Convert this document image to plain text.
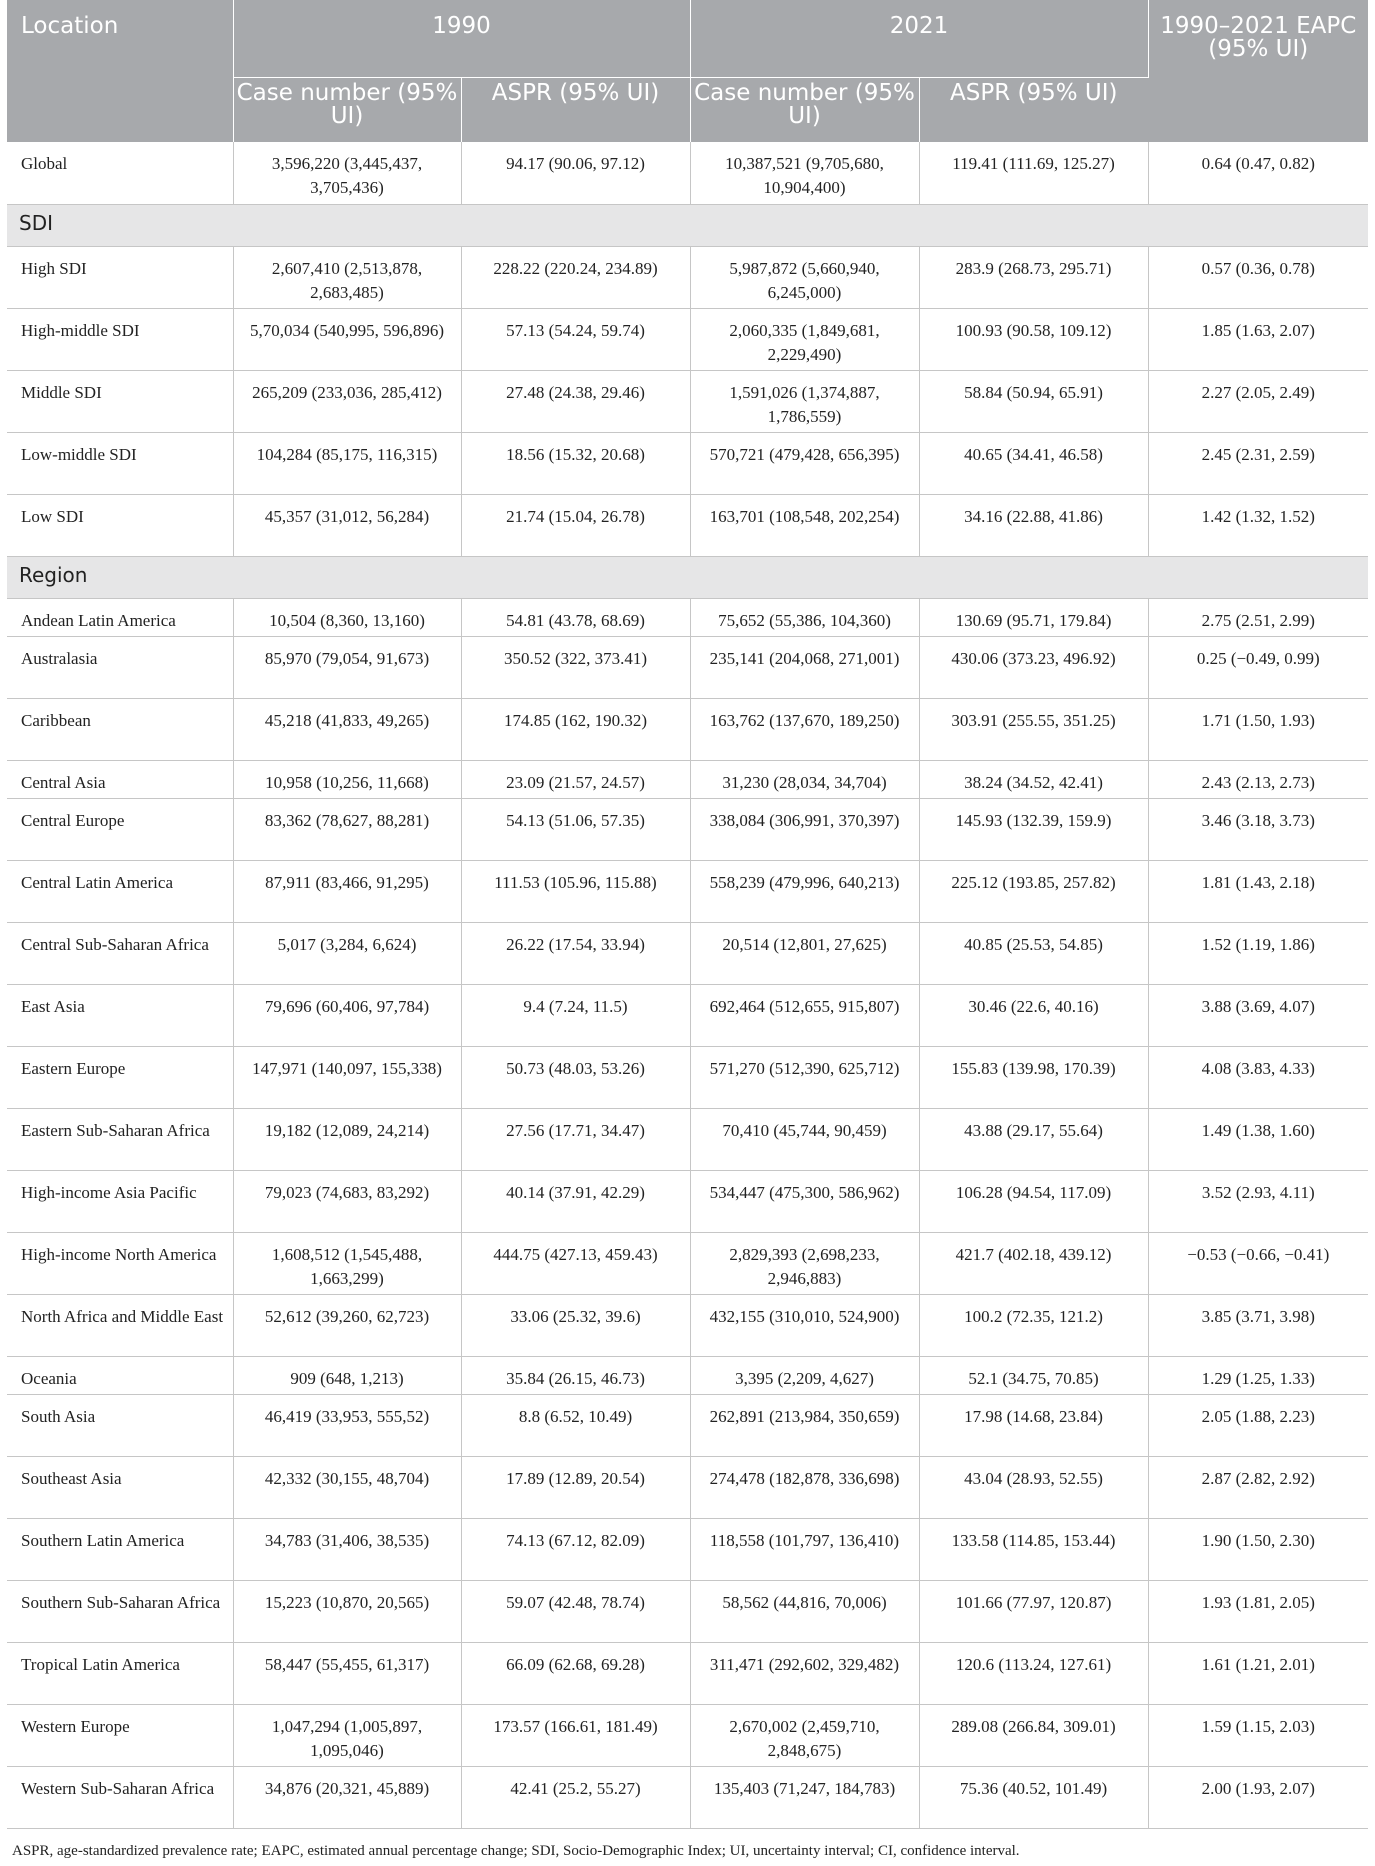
Location	1990		2021		1990–2021 EAPC (95% UI)
	Case number (95% UI)	ASPR (95% UI)	Case number (95% UI)	ASPR (95% UI)	
Global	3,596,220 (3,445,437, 3,705,436)	94.17 (90.06, 97.12)	10,387,521 (9,705,680, 10,904,400)	119.41 (111.69, 125.27)	0.64 (0.47, 0.82)
SDI					
High SDI	2,607,410 (2,513,878, 2,683,485)	228.22 (220.24, 234.89)	5,987,872 (5,660,940, 6,245,000)	283.9 (268.73, 295.71)	0.57 (0.36, 0.78)
High-middle SDI	5,70,034 (540,995, 596,896)	57.13 (54.24, 59.74)	2,060,335 (1,849,681, 2,229,490)	100.93 (90.58, 109.12)	1.85 (1.63, 2.07)
Middle SDI	265,209 (233,036, 285,412)	27.48 (24.38, 29.46)	1,591,026 (1,374,887, 1,786,559)	58.84 (50.94, 65.91)	2.27 (2.05, 2.49)
Low-middle SDI	104,284 (85,175, 116,315)	18.56 (15.32, 20.68)	570,721 (479,428, 656,395)	40.65 (34.41, 46.58)	2.45 (2.31, 2.59)
Low SDI	45,357 (31,012, 56,284)	21.74 (15.04, 26.78)	163,701 (108,548, 202,254)	34.16 (22.88, 41.86)	1.42 (1.32, 1.52)
Region					
Andean Latin America	10,504 (8,360, 13,160)	54.81 (43.78, 68.69)	75,652 (55,386, 104,360)	130.69 (95.71, 179.84)	2.75 (2.51, 2.99)
Australasia	85,970 (79,054, 91,673)	350.52 (322, 373.41)	235,141 (204,068, 271,001)	430.06 (373.23, 496.92)	0.25 (−0.49, 0.99)
Caribbean	45,218 (41,833, 49,265)	174.85 (162, 190.32)	163,762 (137,670, 189,250)	303.91 (255.55, 351.25)	1.71 (1.50, 1.93)
Central Asia	10,958 (10,256, 11,668)	23.09 (21.57, 24.57)	31,230 (28,034, 34,704)	38.24 (34.52, 42.41)	2.43 (2.13, 2.73)
Central Europe	83,362 (78,627, 88,281)	54.13 (51.06, 57.35)	338,084 (306,991, 370,397)	145.93 (132.39, 159.9)	3.46 (3.18, 3.73)
Central Latin America	87,911 (83,466, 91,295)	111.53 (105.96, 115.88)	558,239 (479,996, 640,213)	225.12 (193.85, 257.82)	1.81 (1.43, 2.18)
Central Sub-Saharan Africa	5,017 (3,284, 6,624)	26.22 (17.54, 33.94)	20,514 (12,801, 27,625)	40.85 (25.53, 54.85)	1.52 (1.19, 1.86)
East Asia	79,696 (60,406, 97,784)	9.4 (7.24, 11.5)	692,464 (512,655, 915,807)	30.46 (22.6, 40.16)	3.88 (3.69, 4.07)
Eastern Europe	147,971 (140,097, 155,338)	50.73 (48.03, 53.26)	571,270 (512,390, 625,712)	155.83 (139.98, 170.39)	4.08 (3.83, 4.33)
Eastern Sub-Saharan Africa	19,182 (12,089, 24,214)	27.56 (17.71, 34.47)	70,410 (45,744, 90,459)	43.88 (29.17, 55.64)	1.49 (1.38, 1.60)
High-income Asia Pacific	79,023 (74,683, 83,292)	40.14 (37.91, 42.29)	534,447 (475,300, 586,962)	106.28 (94.54, 117.09)	3.52 (2.93, 4.11)
High-income North America	1,608,512 (1,545,488, 1,663,299)	444.75 (427.13, 459.43)	2,829,393 (2,698,233, 2,946,883)	421.7 (402.18, 439.12)	−0.53 (−0.66, −0.41)
North Africa and Middle East	52,612 (39,260, 62,723)	33.06 (25.32, 39.6)	432,155 (310,010, 524,900)	100.2 (72.35, 121.2)	3.85 (3.71, 3.98)
Oceania	909 (648, 1,213)	35.84 (26.15, 46.73)	3,395 (2,209, 4,627)	52.1 (34.75, 70.85)	1.29 (1.25, 1.33)
South Asia	46,419 (33,953, 555,52)	8.8 (6.52, 10.49)	262,891 (213,984, 350,659)	17.98 (14.68, 23.84)	2.05 (1.88, 2.23)
Southeast Asia	42,332 (30,155, 48,704)	17.89 (12.89, 20.54)	274,478 (182,878, 336,698)	43.04 (28.93, 52.55)	2.87 (2.82, 2.92)
Southern Latin America	34,783 (31,406, 38,535)	74.13 (67.12, 82.09)	118,558 (101,797, 136,410)	133.58 (114.85, 153.44)	1.90 (1.50, 2.30)
Southern Sub-Saharan Africa	15,223 (10,870, 20,565)	59.07 (42.48, 78.74)	58,562 (44,816, 70,006)	101.66 (77.97, 120.87)	1.93 (1.81, 2.05)
Tropical Latin America	58,447 (55,455, 61,317)	66.09 (62.68, 69.28)	311,471 (292,602, 329,482)	120.6 (113.24, 127.61)	1.61 (1.21, 2.01)
Western Europe	1,047,294 (1,005,897, 1,095,046)	173.57 (166.61, 181.49)	2,670,002 (2,459,710, 2,848,675)	289.08 (266.84, 309.01)	1.59 (1.15, 2.03)
Western Sub-Saharan Africa	34,876 (20,321, 45,889)	42.41 (25.2, 55.27)	135,403 (71,247, 184,783)	75.36 (40.52, 101.49)	2.00 (1.93, 2.07)
ASPR, age-standardized prevalence rate; EAPC, estimated annual percentage change; SDI, Socio-Demographic Index; UI, uncertainty interval; CI, confidence interval.
